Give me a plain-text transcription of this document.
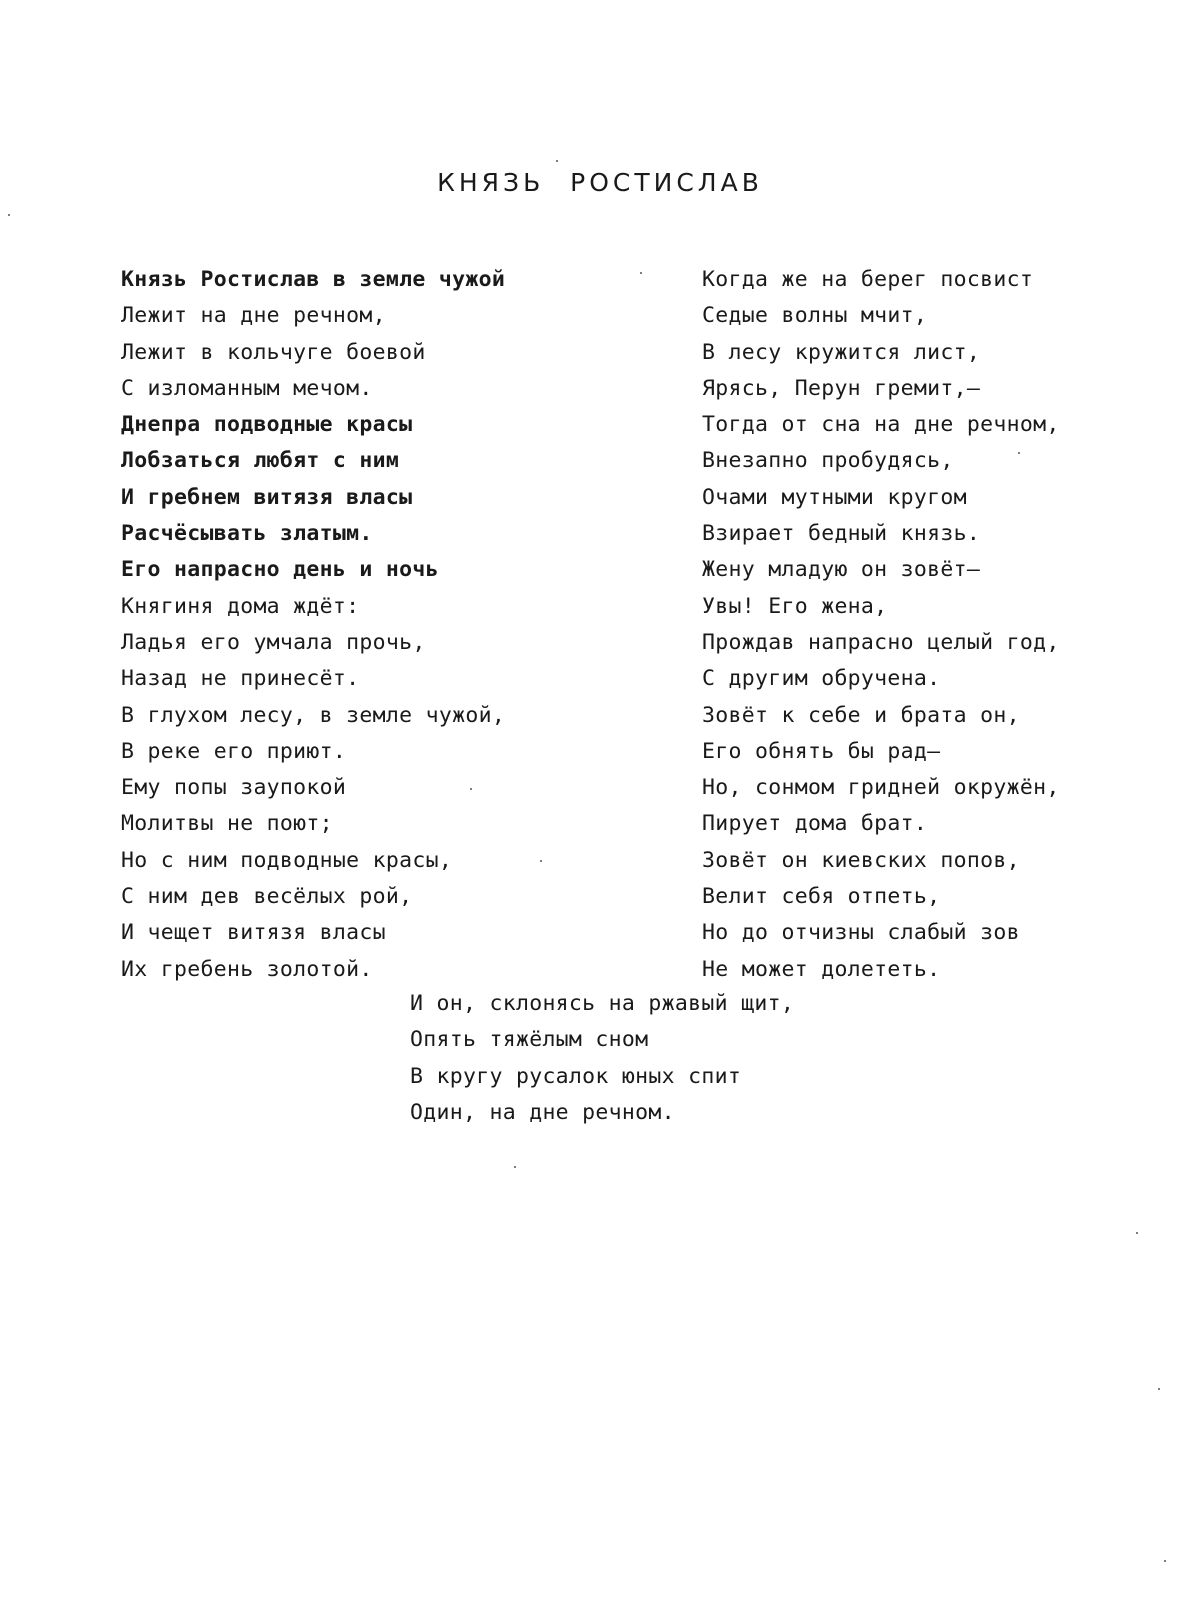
КНЯЗЬ РОСТИСЛАВ
Князь Ростислав в земле чужой
Лежит на дне речном,
Лежит в кольчуге боевой
С изломанным мечом.
Днепра подводные красы
Лобзаться любят с ним
И гребнем витязя власы
Расчёсывать златым.
Его напрасно день и ночь
Княгиня дома ждёт:
Ладья его умчала прочь,
Назад не принесёт.
В глухом лесу, в земле чужой,
В реке его приют.
Ему попы заупокой
Молитвы не поют;
Но с ним подводные красы,
С ним дев весёлых рой,
И чещет витязя власы
Их гребень золотой.
Когда же на берег посвист
Седые волны мчит,
В лесу кружится лист,
Ярясь, Перун гремит,–
Тогда от сна на дне речном,
Внезапно пробудясь,
Очами мутными кругом
Взирает бедный князь.
Жену младую он зовёт–
Увы! Его жена,
Прождав напрасно целый год,
С другим обручена.
Зовёт к себе и брата он,
Его обнять бы рад–
Но, сонмом гридней окружён,
Пирует дома брат.
Зовёт он киевских попов,
Велит себя отпеть,
Но до отчизны слабый зов
Не может долететь.
И он, склонясь на ржавый щит,
Опять тяжёлым сном
В кругу русалок юных спит
Один, на дне речном.
